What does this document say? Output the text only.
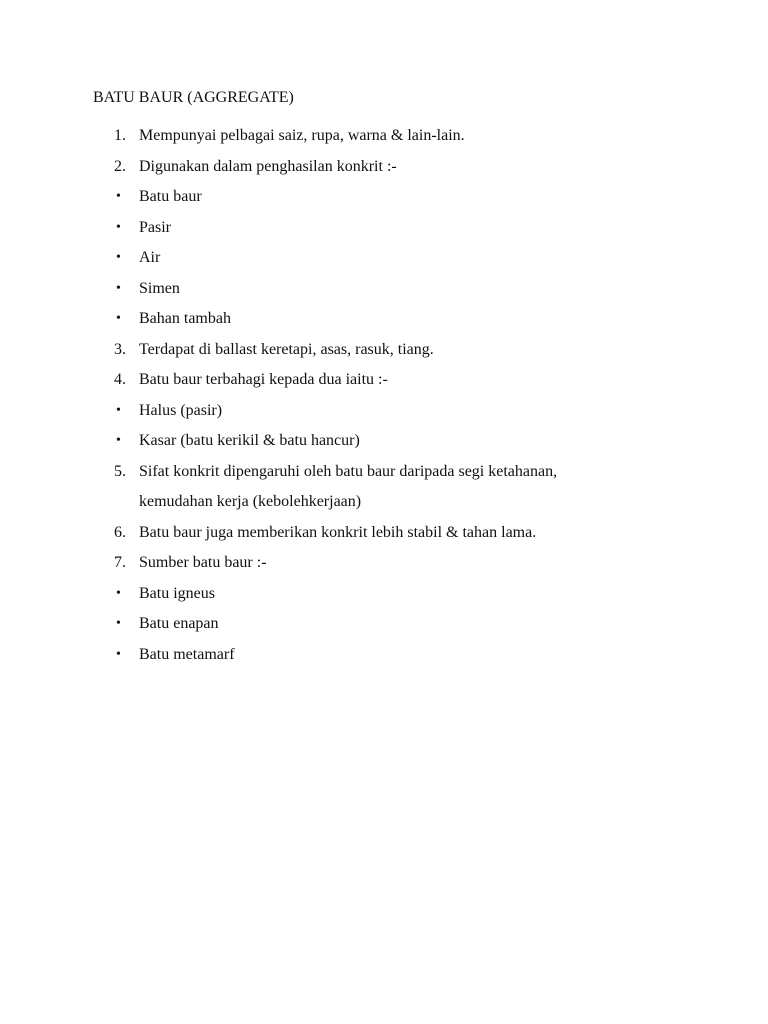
BATU BAUR (AGGREGATE)
1. Mempunyai pelbagai saiz, rupa, warna & lain-lain.
2. Digunakan dalam penghasilan konkrit :-
• Batu baur
• Pasir
• Air
• Simen
• Bahan tambah
3. Terdapat di ballast keretapi, asas, rasuk, tiang.
4. Batu baur terbahagi kepada dua iaitu :-
• Halus (pasir)
• Kasar (batu kerikil & batu hancur)
5. Sifat konkrit dipengaruhi oleh batu baur daripada segi ketahanan, kemudahan kerja (kebolehkerjaan)
6. Batu baur juga memberikan konkrit lebih stabil & tahan lama.
7. Sumber batu baur :-
• Batu igneus
• Batu enapan
• Batu metamarf
